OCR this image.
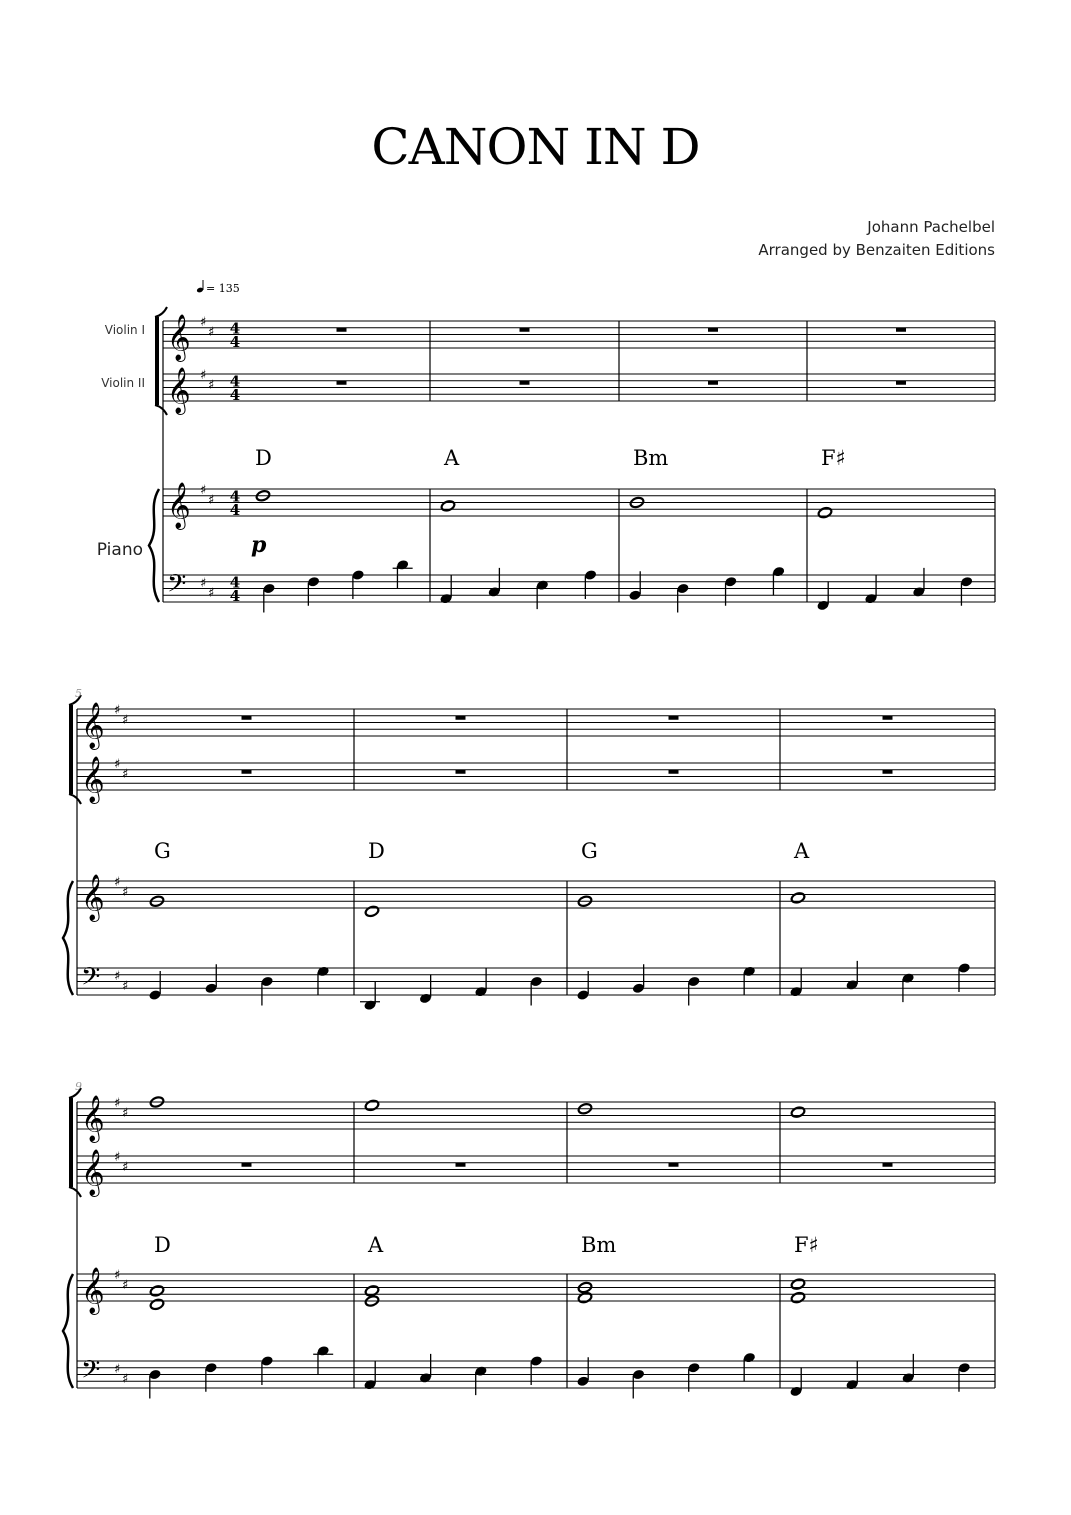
CANON IN D
Johann Pachelbel
Arranged by Benzaiten Editions
𝄞 ♯
♯ 4
4
𝄞 ♯
♯ 4
4
𝄞 ♯
♯ 4
4
𝄢 ♯
♯
4
4
D	A	Bm	F♯
Violin I
Violin II
Piano
= 135
p
𝄞 ♯
♯
𝄞 ♯
♯
𝄞 ♯
♯
𝄢 ♯
♯
5
G	D	G	A
𝄞 ♯
♯
𝄞 ♯
♯
𝄞 ♯
♯
𝄢 ♯
♯
9
D	A	Bm	F♯
